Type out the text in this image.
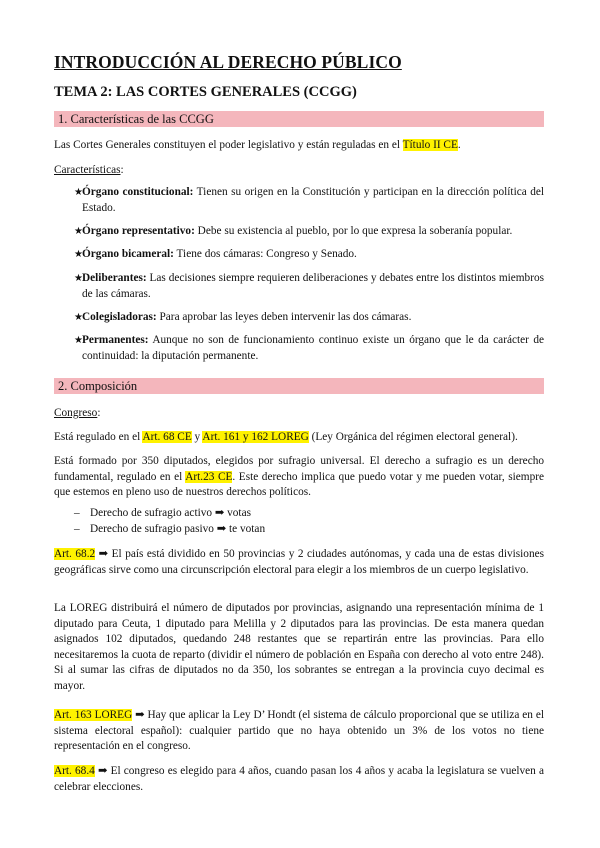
INTRODUCCIÓN AL DERECHO PÚBLICO
TEMA 2: LAS CORTES GENERALES (CCGG)
1. Características de las CCGG

Las Cortes Generales constituyen el poder legislativo y están reguladas en el Título II CE.

Características:

★ Órgano constitucional: Tienen su origen en la Constitución y participan en la dirección política del Estado.
★ Órgano representativo: Debe su existencia al pueblo, por lo que expresa la soberanía popular.
★ Órgano bicameral: Tiene dos cámaras: Congreso y Senado.
★ Deliberantes: Las decisiones siempre requieren deliberaciones y debates entre los distintos miembros de las cámaras.
★ Colegisladoras: Para aprobar las leyes deben intervenir las dos cámaras.
★ Permanentes: Aunque no son de funcionamiento continuo existe un órgano que le da carácter de continuidad: la diputación permanente.
2. Composición

Congreso:

Está regulado en el Art. 68 CE y Art. 161 y 162 LOREG (Ley Orgánica del régimen electoral general).

Está formado por 350 diputados, elegidos por sufragio universal. El derecho a sufragio es un derecho fundamental, regulado en el Art.23 CE. Este derecho implica que puedo votar y me pueden votar, siempre que estemos en pleno uso de nuestros derechos políticos.

– Derecho de sufragio activo ➡ votas
– Derecho de sufragio pasivo ➡ te votan

Art. 68.2 ➡ El país está dividido en 50 provincias y 2 ciudades autónomas, y cada una de estas divisiones geográficas sirve como una circunscripción electoral para elegir a los miembros de un cuerpo legislativo.

La LOREG distribuirá el número de diputados por provincias, asignando una representación mínima de 1 diputado para Ceuta, 1 diputado para Melilla y 2 diputados para las provincias. De esta manera quedan asignados 102 diputados, quedando 248 restantes que se repartirán entre las provincias. Para ello necesitaremos la cuota de reparto (dividir el número de población en España con derecho al voto entre 248). Si al sumar las cifras de diputados no da 350, los sobrantes se entregan a la provincia cuyo decimal es mayor.

Art. 163 LOREG ➡ Hay que aplicar la Ley D’ Hondt (el sistema de cálculo proporcional que se utiliza en el sistema electoral español): cualquier partido que no haya obtenido un 3% de los votos no tiene representación en el congreso.

Art. 68.4 ➡ El congreso es elegido para 4 años, cuando pasan los 4 años y acaba la legislatura se vuelven a celebrar elecciones.
